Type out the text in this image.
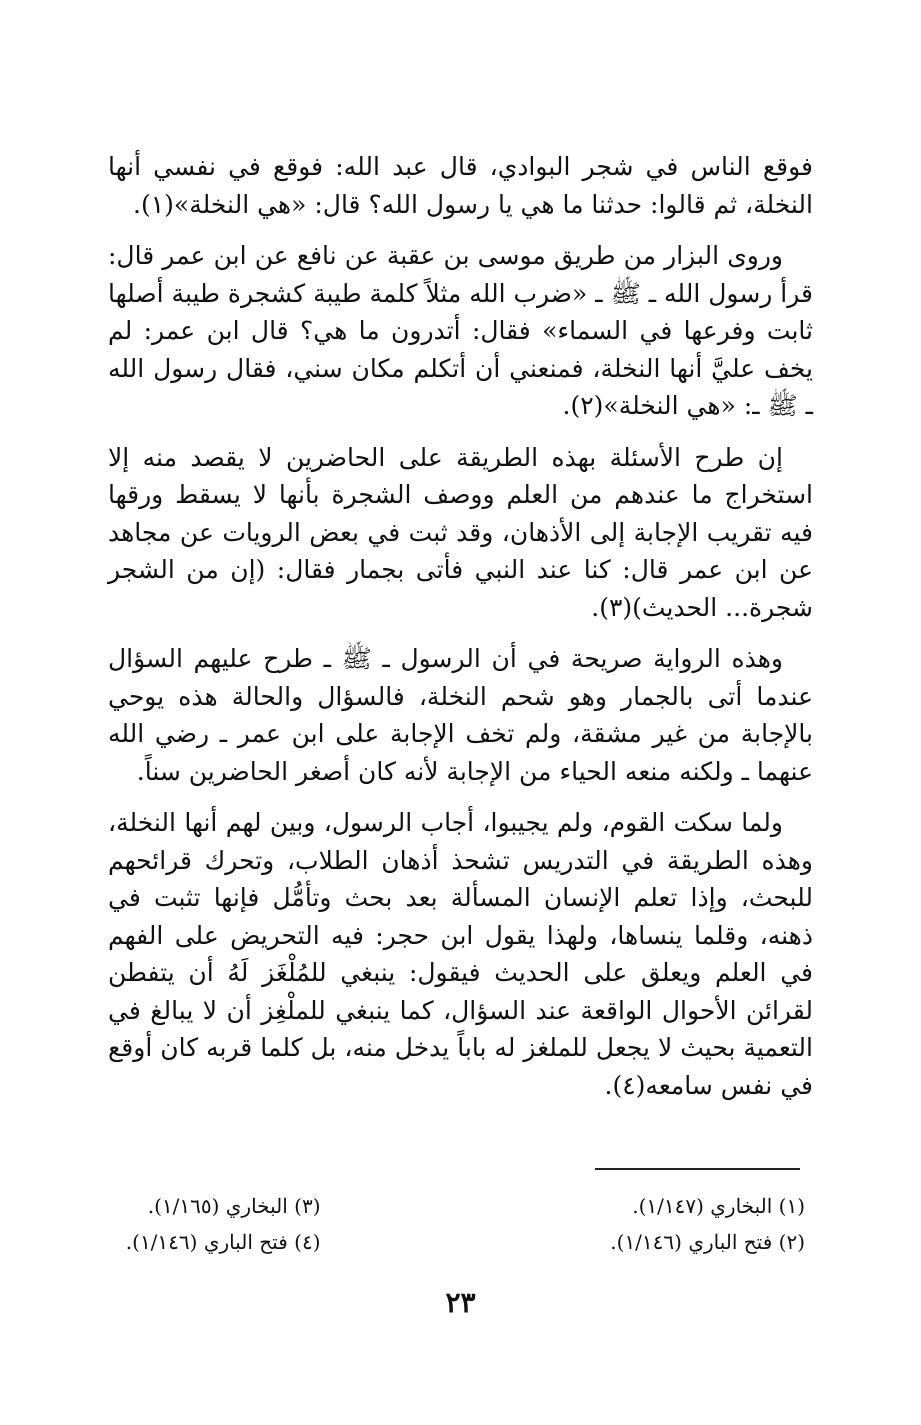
فوقع الناس في شجر البوادي، قال عبد الله: فوقع في نفسي أنها النخلة، ثم قالوا: حدثنا ما هي يا رسول الله؟ قال: «هي النخلة»(١).

وروى البزار من طريق موسى بن عقبة عن نافع عن ابن عمر قال: قرأ رسول الله ـ ﷺ ـ «ضرب الله مثلاً كلمة طيبة كشجرة طيبة أصلها ثابت وفرعها في السماء» فقال: أتدرون ما هي؟ قال ابن عمر: لم يخف عليَّ أنها النخلة، فمنعني أن أتكلم مكان سني، فقال رسول الله ـ ﷺ ـ: «هي النخلة»(٢).

إن طرح الأسئلة بهذه الطريقة على الحاضرين لا يقصد منه إلا استخراج ما عندهم من العلم ووصف الشجرة بأنها لا يسقط ورقها فيه تقريب الإجابة إلى الأذهان، وقد ثبت في بعض الرويات عن مجاهد عن ابن عمر قال: كنا عند النبي فأتى بجمار فقال: (إن من الشجر شجرة... الحديث)(٣).

وهذه الرواية صريحة في أن الرسول ـ ﷺ ـ طرح عليهم السؤال عندما أتى بالجمار وهو شحم النخلة، فالسؤال والحالة هذه يوحي بالإجابة من غير مشقة، ولم تخف الإجابة على ابن عمر ـ رضي الله عنهما ـ ولكنه منعه الحياء من الإجابة لأنه كان أصغر الحاضرين سناً.

ولما سكت القوم، ولم يجيبوا، أجاب الرسول، وبين لهم أنها النخلة، وهذه الطريقة في التدريس تشحذ أذهان الطلاب، وتحرك قرائحهم للبحث، وإذا تعلم الإنسان المسألة بعد بحث وتأمُّل فإنها تثبت في ذهنه، وقلما ينساها، ولهذا يقول ابن حجر: فيه التحريض على الفهم في العلم ويعلق على الحديث فيقول: ينبغي للمُلْغَز لَهُ أن يتفطن لقرائن الأحوال الواقعة عند السؤال، كما ينبغي للملْغِز أن لا يبالغ في التعمية بحيث لا يجعل للملغز له باباً يدخل منه، بل كلما قربه كان أوقع في نفس سامعه(٤).

(١) البخاري (١/١٤٧).

(٣) البخاري (١/١٦٥).

(٢) فتح الباري (١/١٤٦).

(٤) فتح الباري (١/١٤٦).

٢٣
